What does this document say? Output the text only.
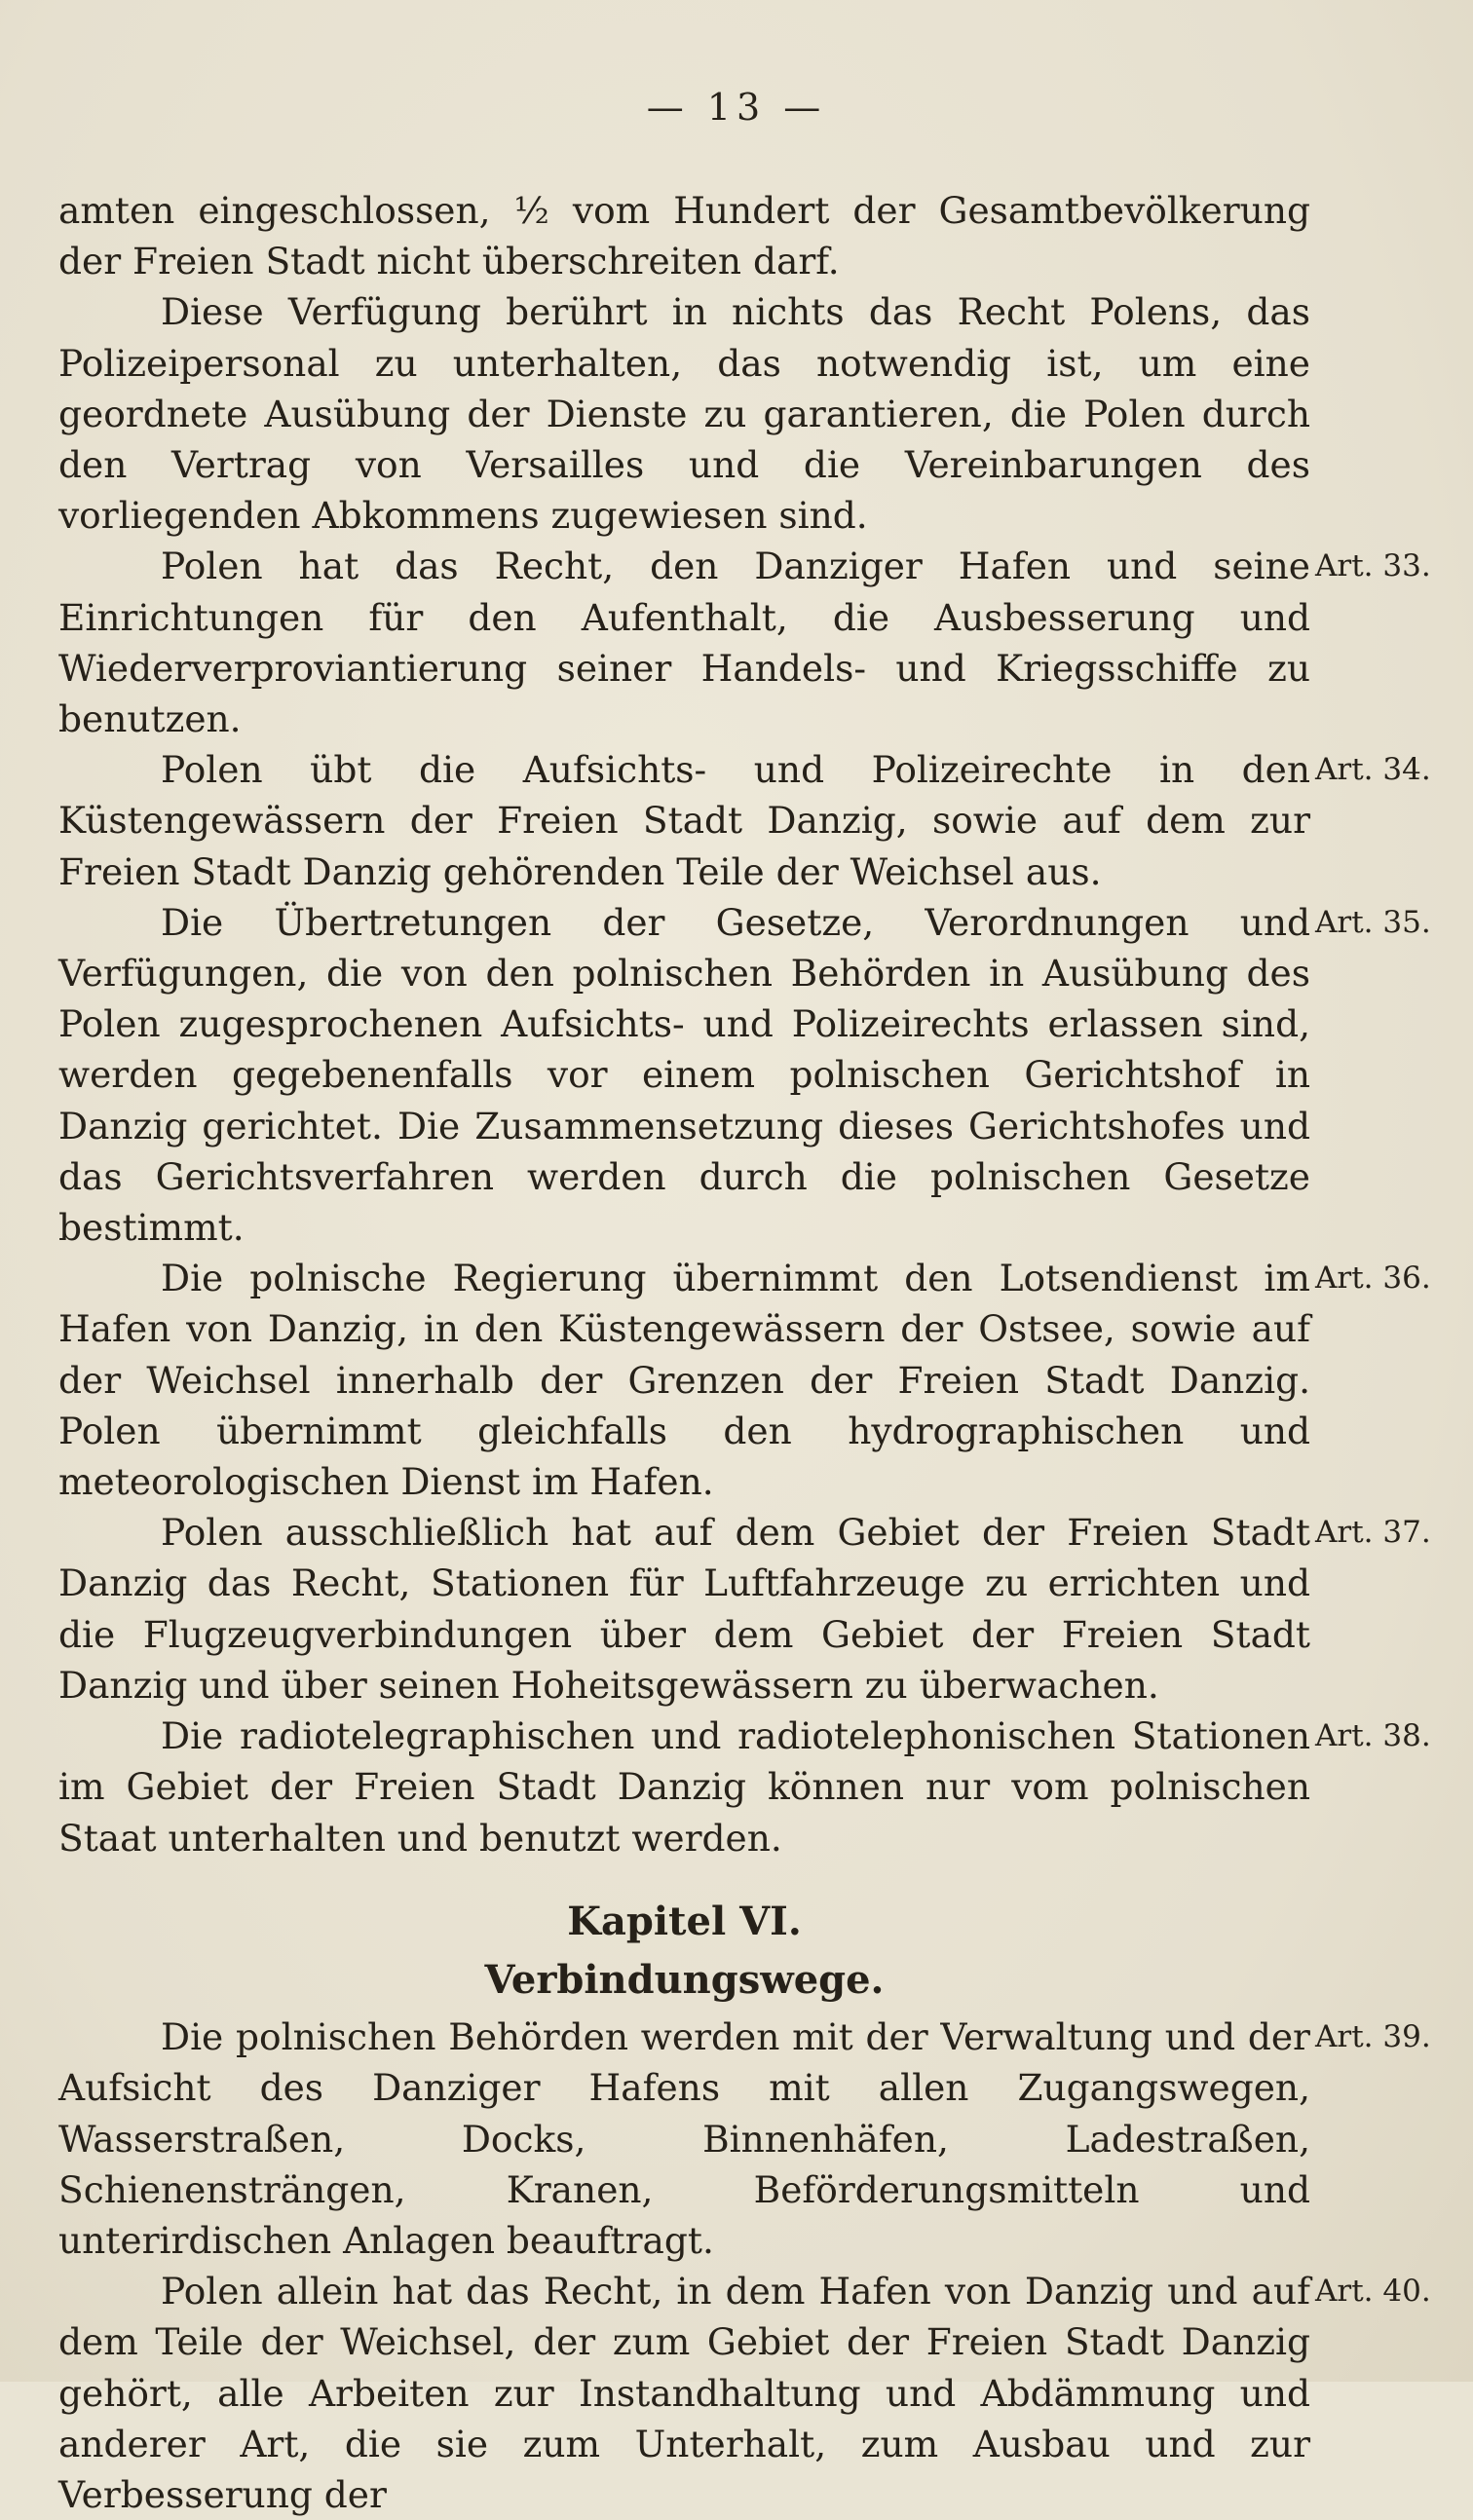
— 13 —

amten eingeschlossen, ½ vom Hundert der Gesamtbevölkerung der Freien Stadt nicht überschreiten darf.

Diese Verfügung berührt in nichts das Recht Polens, das Polizeipersonal zu unterhalten, das notwendig ist, um eine geordnete Ausübung der Dienste zu garantieren, die Polen durch den Vertrag von Versailles und die Vereinbarungen des vorliegenden Abkommens zugewiesen sind.

Art. 33.
Polen hat das Recht, den Danziger Hafen und seine Einrichtungen für den Aufenthalt, die Ausbesserung und Wiederverproviantierung seiner Handels- und Kriegsschiffe zu benutzen.

Art. 34.
Polen übt die Aufsichts- und Polizeirechte in den Küstengewässern der Freien Stadt Danzig, sowie auf dem zur Freien Stadt Danzig gehörenden Teile der Weichsel aus.

Art. 35.
Die Übertretungen der Gesetze, Verordnungen und Verfügungen, die von den polnischen Behörden in Ausübung des Polen zugesprochenen Aufsichts- und Polizeirechts erlassen sind, werden gegebenenfalls vor einem polnischen Gerichtshof in Danzig gerichtet. Die Zusammensetzung dieses Gerichtshofes und das Gerichtsverfahren werden durch die polnischen Gesetze bestimmt.

Art. 36.
Die polnische Regierung übernimmt den Lotsendienst im Hafen von Danzig, in den Küstengewässern der Ostsee, sowie auf der Weichsel innerhalb der Grenzen der Freien Stadt Danzig. Polen übernimmt gleichfalls den hydrographischen und meteorologischen Dienst im Hafen.

Art. 37.
Polen ausschließlich hat auf dem Gebiet der Freien Stadt Danzig das Recht, Stationen für Luftfahrzeuge zu errichten und die Flugzeugverbindungen über dem Gebiet der Freien Stadt Danzig und über seinen Hoheitsgewässern zu überwachen.

Art. 38.
Die radiotelegraphischen und radiotelephonischen Stationen im Gebiet der Freien Stadt Danzig können nur vom polnischen Staat unterhalten und benutzt werden.

Kapitel VI.
Verbindungswege.

Art. 39.
Die polnischen Behörden werden mit der Verwaltung und der Aufsicht des Danziger Hafens mit allen Zugangswegen, Wasserstraßen, Docks, Binnenhäfen, Ladestraßen, Schienensträngen, Kranen, Beförderungsmitteln und unterirdischen Anlagen beauftragt.

Art. 40.
Polen allein hat das Recht, in dem Hafen von Danzig und auf dem Teile der Weichsel, der zum Gebiet der Freien Stadt Danzig gehört, alle Arbeiten zur Instandhaltung und Abdämmung und anderer Art, die sie zum Unterhalt, zum Ausbau und zur Verbesserung der
